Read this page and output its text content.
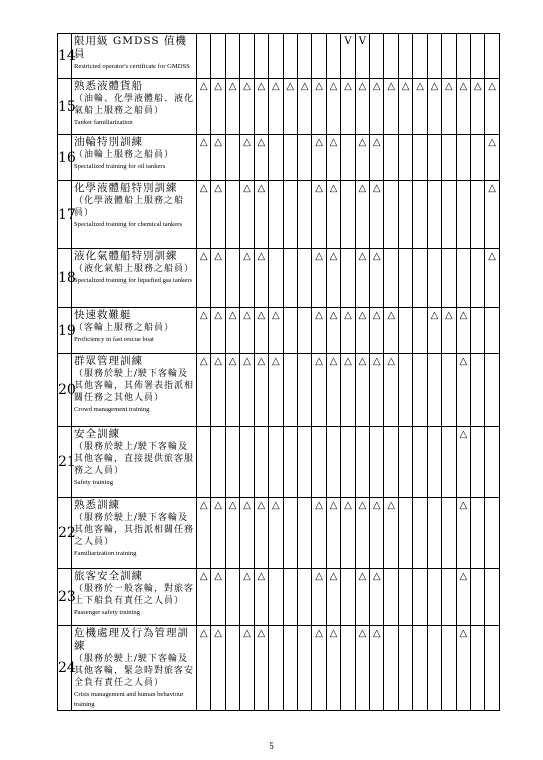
14	限用級 GMDSS 值機員
Restricted operator's certificate for GMDSS											V	V									
15	熟悉液體貨船
（油輪、化學液體船、液化氣船上服務之船員）
Tanker familiarization	△	△	△	△	△	△	△	△	△	△	△	△	△	△	△	△	△	△	△	△	△
16	油輪特別訓練
（油輪上服務之船員）
Specialized training for oil tankers	△	△		△	△				△	△		△	△								△
17	化學液體船特別訓練
（化學液體船上服務之船員）
Specialized training for chemical tankers	△	△		△	△				△	△		△	△								△
18	液化氣體船特別訓練
（液化氣船上服務之船員）
Specialized training for liquefied gas tankers	△	△		△	△				△	△		△	△								△
19	快速救難艇
（客輪上服務之船員）
Proficiency in fast rescue boat	△	△	△	△	△	△			△	△	△	△	△	△			△	△	△		
20	群眾管理訓練
（服務於駛上/駛下客輪及其他客輪，其佈署表指派相關任務之其他人員）
Crowd management training	△	△	△	△	△	△			△	△	△	△	△	△					△		
21	安全訓練
（服務於駛上/駛下客輪及其他客輪，直接提供旅客服務之人員）
Safety training																			△		
22	熟悉訓練
（服務於駛上/駛下客輪及其他客輪，其指派相關任務之人員）
Familiarization training	△	△	△	△	△	△			△	△	△	△	△	△					△		
23	旅客安全訓練
（服務於一般客輪，對旅客上下船負有責任之人員）
Passenger safety training	△	△		△	△				△	△		△	△						△		
24	危機處理及行為管理訓練
（服務於駛上/駛下客輪及其他客輪，緊急時對旅客安全負有責任之人員）
Crisis management and human behaviour training	△	△		△	△				△	△		△	△						△		
5
